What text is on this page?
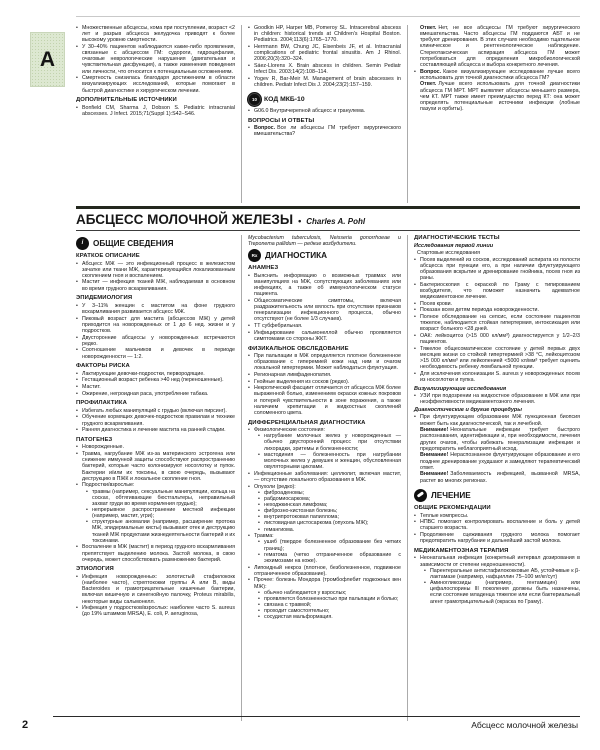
А
• Множественные абсцессы, кома при поступлении, возраст <2 лет и разрыв абсцесса желудочка приводят к более высокому уровню смертности.
• У 30–40% пациентов наблюдаются какие-либо проявления, связанные с абсцессом ГМ: судороги, гидроцефалия, очаговые неврологические нарушения (двигательная и чувствительная дисфункция), а также изменения поведения или личности, что относится к потенциальным осложнениям.
• Смертность снизилась благодаря достижениям в области визуализирующих исследований, которые помогают в быстрой диагностике и хирургическом лечении.
ДОПОЛНИТЕЛЬНЫЕ ИСТОЧНИКИ
• Bonfield CM, Sharma J, Dobson S. Pediatric intracranial abscesses. J Infect. 2015;71(Suppl 1):S42–S46.
• Goodkin HP, Harper MB, Pomeroy SL. Intracerebral abscess in children: historical trends at Children's Hospital Boston. Pediatrics. 2004;113(6):1765–1770.
• Herrmann BW, Chung JC, Eisenbeis JF, et al. Intracranial complications of pediatric frontal sinusitis. Am J Rhinol. 2006;20(3):320–324.
• Sáez-Llorens X. Brain abscess in children. Semin Pediatr Infect Dis. 2003;14(2):108–114.
• Yogev R, Bar-Meir M. Management of brain abscesses in children. Pediatr Infect Dis J. 2004;23(2):157–159.
10 КОД МКБ-10
• G06.0 Внутричерепной абсцесс и гранулема.
ВОПРОСЫ И ОТВЕТЫ
• Вопрос. Все ли абсцессы ГМ требуют хирургического вмешательства?

Ответ. Нет, не все абсцессы ГМ требуют хирургического вмешательства. Часто абсцессы ГМ поддаются АБТ и не требуют дренирования. В этих случаях необходимо тщательное клиническое и рентгенологическое наблюдение. Стереотаксическая аспирация абсцесса ГМ может потребоваться для определения микробиологической составляющей абсцесса и выбора конкретного лечения.

• Вопрос. Какое визуализирующее исследование лучше всего использовать для точной диагностики абсцесса ГМ?

Ответ. Лучше всего использовать для точной диагностики абсцесса ГМ МРТ. МРТ выявляет абсцессы меньшего размера, чем КТ. МРТ также имеет преимущество перед КТ: она может определять потенциальные источники инфекции (лобные пазухи и орбиты).

АБСЦЕСС МОЛОЧНОЙ ЖЕЛЕЗЫ • Charles A. Pohl
i ОБЩИЕ СВЕДЕНИЯ
КРАТКОЕ ОПИСАНИЕ
• Абсцесс МЖ — это инфекционный процесс в железистом зачатке или ткани МЖ, характеризующийся локализованным скоплением гноя и воспалением.
• Мастит — инфекция тканей МЖ, наблюдаемая в основном во время грудного вскармливания.
ЭПИДЕМИОЛОГИЯ
• У 3–11% женщин с маститом на фоне грудного вскармливания развивается абсцесс МЖ.
• Пиковый возраст для мастита (абсцессов МЖ) у детей приходится на новорожденных от 1 до 6 нед. жизни и у подростков.
• Двусторонние абсцессы у новорожденных встречаются редко.
• Соотношение мальчиков и девочек в периоде новорожденности — 1:2.
ФАКТОРЫ РИСКА
• Лактирующие девочки-подростки, первородящие.
• Гестационный возраст ребенка >40 нед (переношенные).
• Мастит.
• Ожирение, негроидная раса, употребление табака.
ПРОФИЛАКТИКА
• Избегать любых манипуляций с грудью (включая пирсинг).
• Обучение кормящих девочек-подростков правилам и технике грудного вскармливания.
• Ранняя диагностика и лечение мастита на ранней стадии.
ПАТОГЕНЕЗ
• Новорожденные.
• Травма, нагрубание МЖ из-за материнского эстрогена или снижение иммунной защиты способствуют распространению бактерий, которые часто колонизируют носоглотку и пупок. Бактерии и/или их токсины, в свою очередь, вызывают деструкцию в ПЖК и локальное скопление гноя.
• Подростки/взрослые:
• травмы (например, сексуальные манипуляции, кольца на сосках, обтягивающие бюстгальтеры, неправильный захват груди во время кормления грудью);
• непрерывное распространение местной инфекции (например, мастит, угри);
• структурные аномалии (например, расширение протока МЖ, эпидермальные кисты) вызывают отек и деструкцию тканей МЖ продуктами жизнедеятельности бактерий и их токсинами.
• Воспаление в МЖ (мастит) в период грудного вскармливания препятствует выделению молока. Застой молока, в свою очередь, может способствовать размножению бактерий.
ЭТИОЛОГИЯ
• Инфекция новорожденных: золотистый стафилококк (наиболее часто), стрептококки группы А или В, виды Bacteroides и грамотрицательные кишечные бактерии, включая кишечную и синегнойную палочку, Proteus mirabilis, некоторые виды сальмонелл.
• Инфекция у подростков/взрослых: наиболее часто S. aureus (до 19% штаммов MRSA), E. coli, P. aeruginosa,

Mycobacterium tuberculosis, Neisseria gonorrhoeae и Treponema pallidum — редкие возбудители.

Rx ДИАГНОСТИКА
АНАМНЕЗ
• Выяснить информацию о возможных травмах или манипуляциях на МЖ, сопутствующих заболеваниях или инфекциях, а также об иммунологическом статусе пациента.
• Общесоматические симптомы, включая раздражительность или вялость при отсутствии признаков генерализации инфекционного процесса, обычно отсутствуют (не более 1/3 случаев).
• ТТ субфебрильная.
• Инфицирование сальмонеллой обычно проявляется симптомами со стороны ЖКТ.
ФИЗИКАЛЬНОЕ ОБСЛЕДОВАНИЕ
• При пальпации в МЖ определяется плотное болезненное образование с гиперемией кожи над ним и очагом локальной гипертермии. Может наблюдаться флуктуация.
• Регионарная лимфаденопатия.
• Гнойные выделения из сосков (редко).
• Некротический фасциит отличается от абсцесса МЖ более выраженной болью, изменением окраски кожных покровов и потерей чувствительности в зоне поражения, а также наличием крепитации и жидкостных скоплений соломенного цвета.
ДИФФЕРЕНЦИАЛЬНАЯ ДИАГНОСТИКА
• Физиологические состояния:
• нагрубание молочных желез у новорожденных — обычно двусторонний процесс при отсутствии лихорадки, эритемы и болезненности;
• мастодиния — болезненность при нагрубании молочных желез у девушек и женщин, обусловленная овуляторными циклами.
• Инфекционные заболевания: целлюлит, включая мастит, — отсутствие локального образования в МЖ.
• Опухоли (редко):
• фиброаденомы;
• рабдомиосаркома;
• неходжкинская лимфома;
• фиброзно-кистозная болезнь;
• внутрипротоковая папиллома;
• листовидная цистосаркома (опухоль МЖ);
• гемангиома.
• Травма:
• ушиб (твердое болезненное образование без четких границ);
• гематома (четко отграниченное образование с экхимозами на коже).
• Липоидный некроз (плотное, безболезненное, подвижное отграниченное образование).
• Прочее: болезнь Мондора (тромбофлебит подкожных вен МЖ):
• обычно наблюдается у взрослых;
• проявляется болезненностью при пальпации и болью;
• связана с травмой;
• проходит самостоятельно;
• сосудистая мальформация.
ДИАГНОСТИЧЕСКИЕ ТЕСТЫ
Исследования первой линии
Стартовые исследования
• Посев выделений из сосков, исследований аспирата из полости абсцесса при пункции его, а при наличии флуктуирующего образования вскрытие и дренирование гнойника, посев гноя из раны.
• Бактериоскопия с окраской по Граму с типированием возбудителя, что поможет назначить адекватное медикаментозное лечение.
• Посев крови.
• Показан всем детям периода новорожденности.
• Полное обследование на сепсис, если состояние пациентов тяжелое, наблюдается стойкая гипертермия, интоксикация или возраст больного <28 дней.
• ОАК: лейкоцитоз (>15 000 кл/мм³) диагностируется у 1/2–2/3 пациентов.
• Тяжелое общесоматическое состояние у детей первых двух месяцев жизни со стойкой гипертермией >38 °C, лейкоцитозом >15 000 кл/мм³ или лейкопенией <5000 кл/мм³ требует оценить необходимость ребенку люмбальной пункции.
• Для исключения колонизации S. aureus у новорожденных посев из носоглотки и пупка.
Визуализирующие исследования
• УЗИ при подозрении на жидкостное образование в МЖ или при неэффективности медикаментозного лечения.
Диагностические и другие процедуры
• При флуктуирующем образовании МЖ пункционная биопсия может быть как диагностической, так и лечебной.

Внимание! Неонатальные инфекции требует быстрого распознавания, идентификации и, при необходимости, лечения других очагов, чтобы избежать генерализации инфекции и предотвратить неблагоприятный исход.

Внимание! Нераспознанное флуктуирующее образование и его позднее дренирование ухудшают и замедляют терапевтический ответ.

Внимание! Заболеваемость инфекцией, вызванной MRSA, растет во многих регионах.

ЛЕЧЕНИЕ
ОБЩИЕ РЕКОМЕНДАЦИИ
• Теплые компрессы.
• НПВС помогают контролировать воспаление и боль у детей старшего возраста.
• Продолжение сцеживания грудного молока помогает предотвратить нагрубание и дальнейший застой молока.
МЕДИКАМЕНТОЗНАЯ ТЕРАПИЯ
• Неонатальная инфекция (конкретный интервал дозирования в зависимости от степени недоношенности).
• Парентеральные антистафилококковые АБ, устойчивые к β-лактамазе (например, нафциллин 75–100 мг/кг/сут)
• Аминогликозиды (например, гентамицин) или цефалоспорины III поколения должны быть назначены, если состояние младенца тяжелое или если бактериальный агент грамотрицательный (окраска по Граму).
2	Абсцесс молочной железы
